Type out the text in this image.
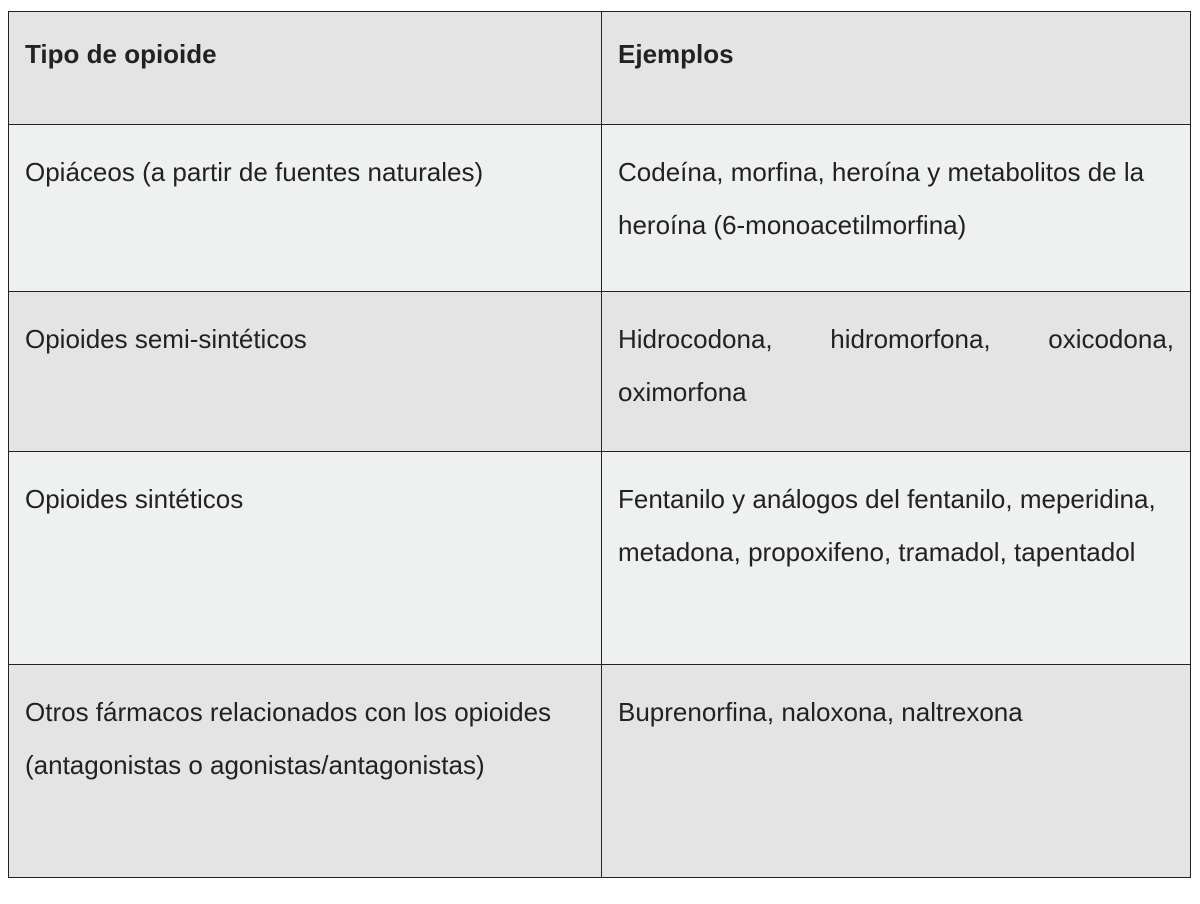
Tipo de opioide	Ejemplos
Opiáceos (a partir de fuentes naturales)	Codeína, morfina, heroína y metabolitos de la heroína (6-monoacetilmorfina)
Opioides semi-sintéticos	Hidrocodona, hidromorfona, oxicodona, oximorfona
Opioides sintéticos	Fentanilo y análogos del fentanilo, meperidina, metadona, propoxifeno, tramadol, tapentadol
Otros fármacos relacionados con los opioides (antagonistas o agonistas/antagonistas)	Buprenorfina, naloxona, naltrexona
